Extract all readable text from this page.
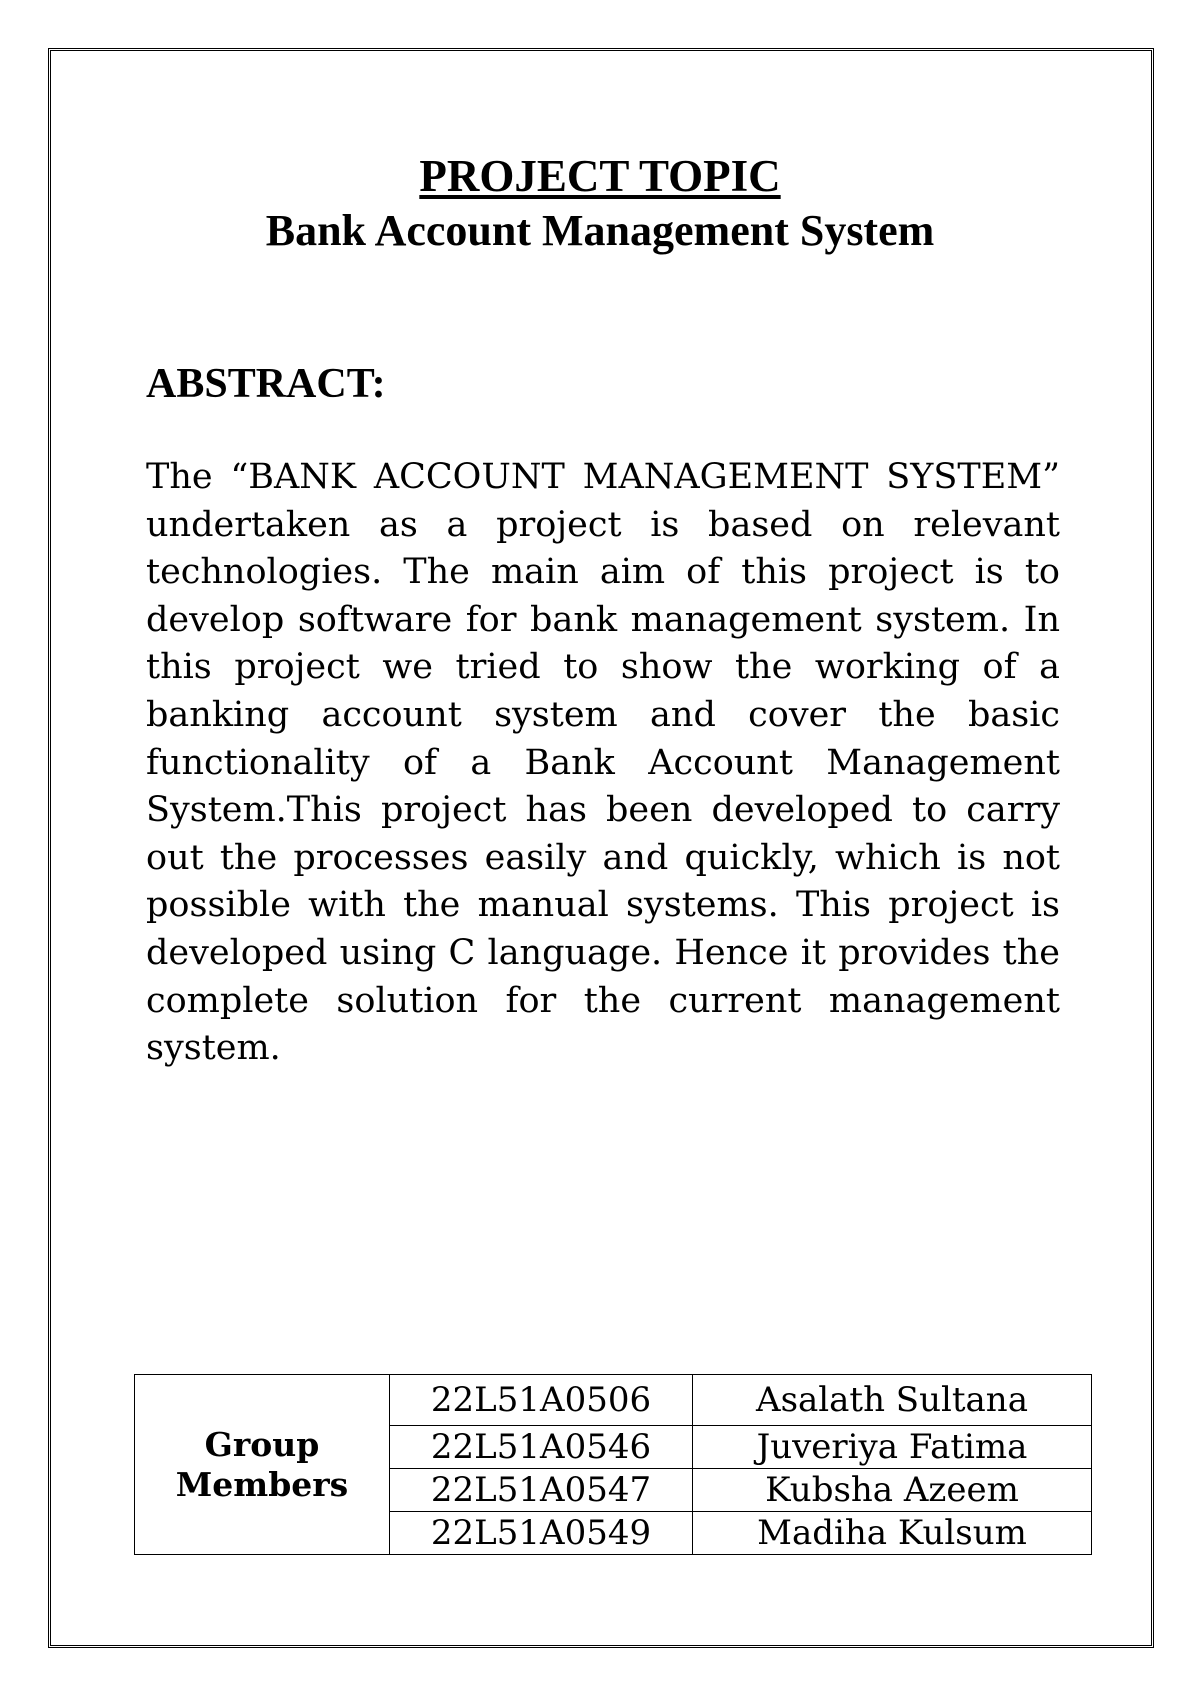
PROJECT TOPIC
Bank Account Management System
ABSTRACT:

The “BANK ACCOUNT MANAGEMENT SYSTEM” undertaken as a project is based on relevant technologies. The main aim of this project is to develop software for bank management system. In this project we tried to show the working of a banking account system and cover the basic functionality of a Bank Account Management System.This project has been developed to carry out the processes easily and quickly, which is not possible with the manual systems. This project is developed using C language. Hence it provides the complete solution for the current management system.

Group Members	22L51A0506	Asalath Sultana
	22L51A0546	Juveriya Fatima
	22L51A0547	Kubsha Azeem
	22L51A0549	Madiha Kulsum
